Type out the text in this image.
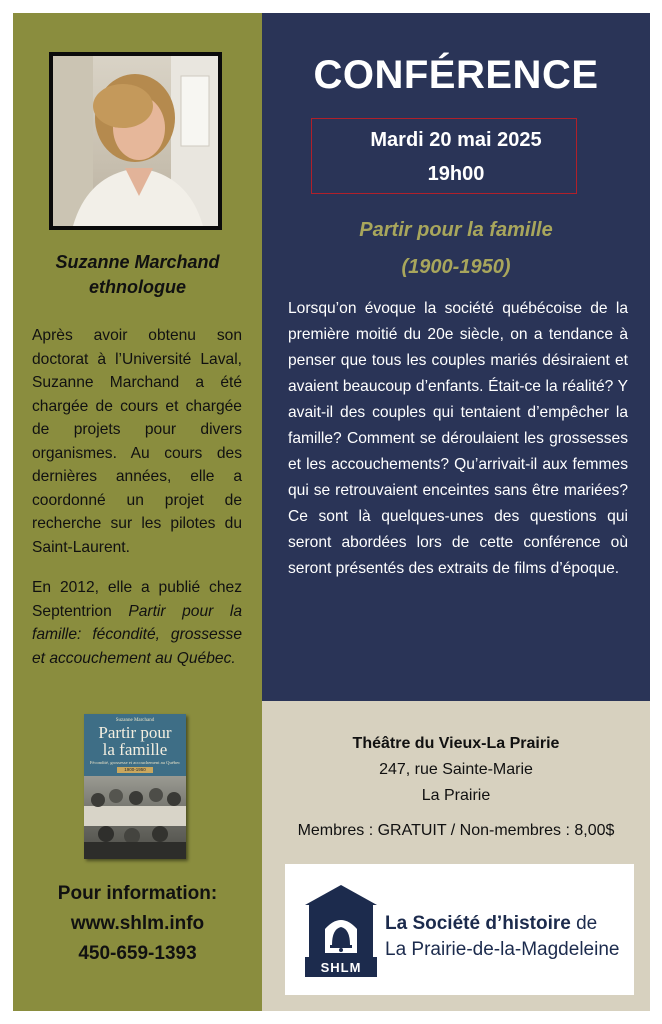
Suzanne Marchand
ethnologue

Après avoir obtenu son doctorat à l’Université Laval, Suzanne Marchand a été chargée de cours et chargée de projets pour divers organismes. Au cours des dernières années, elle a coordonné un projet de recherche sur les pilotes du Saint-Laurent.

En 2012, elle a publié chez Septentrion Partir pour la famille: fécondité, grossesse et accouchement au Québec.

Suzanne Marchand
Partir pour
la famille
Fécondité, grossesse et accouchement au Québec
1900-1950
Pour information:
www.shlm.info
450-659-1393
CONFÉRENCE
Mardi 20 mai 2025
19h00
Partir pour la famille
(1900-1950)

Lorsqu’on évoque la société québécoise de la première moitié du 20e siècle, on a tendance à penser que tous les couples mariés désiraient et avaient beaucoup d’enfants. Était-ce la réalité? Y avait-il des couples qui tentaient d’empêcher la famille? Comment se déroulaient les grossesses et les accouchements? Qu’arrivait-il aux femmes qui se retrouvaient enceintes sans être mariées? Ce sont là quelques-unes des questions qui seront abordées lors de cette conférence où seront présentés des extraits de films d’époque.

Théâtre du Vieux-La Prairie
247, rue Sainte-Marie
La Prairie
Membres : GRATUIT / Non-membres : 8,00$
SHLM
La Société d’histoire de
La Prairie-de-la-Magdeleine
